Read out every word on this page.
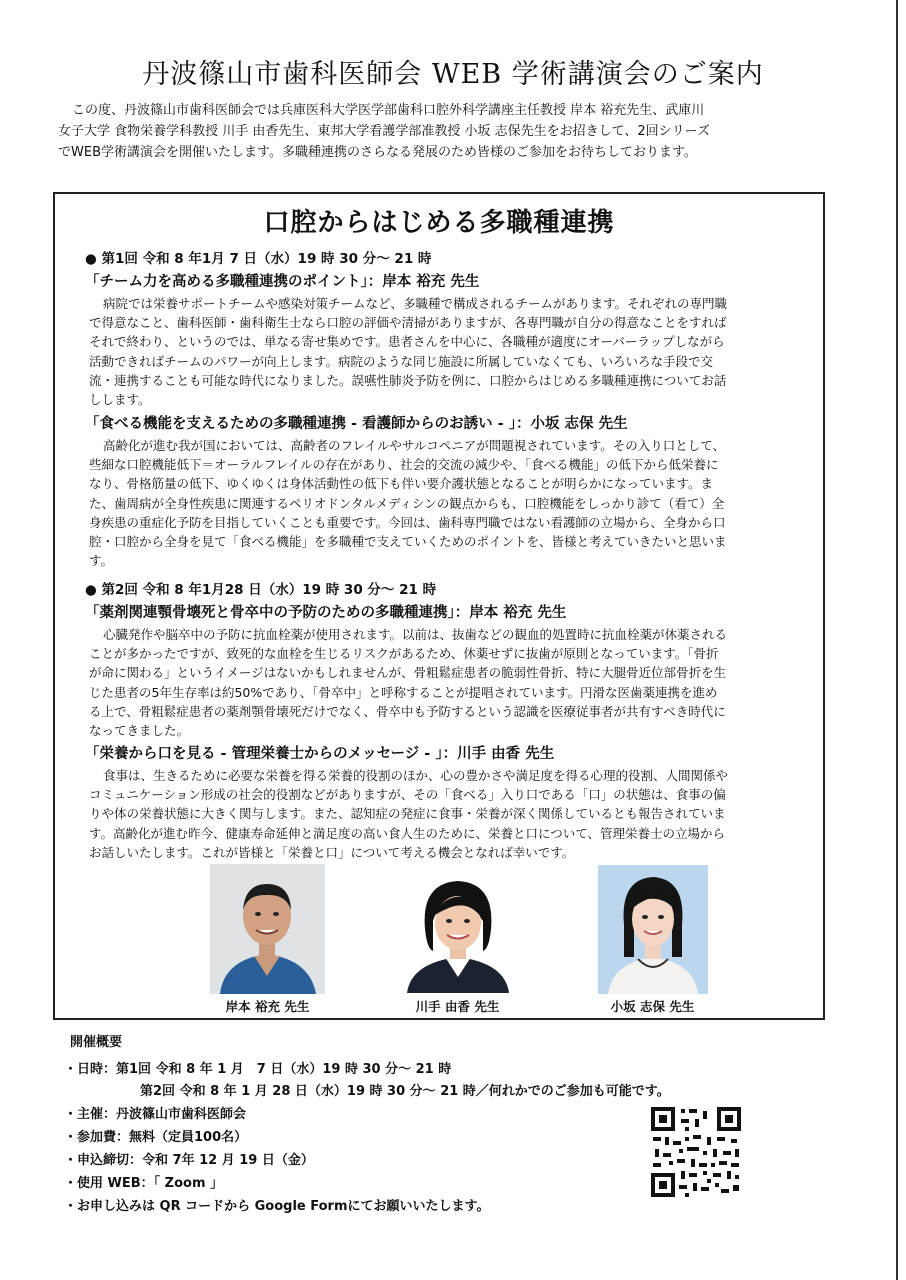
丹波篠山市歯科医師会 WEB 学術講演会のご案内
この度、丹波篠山市歯科医師会では兵庫医科大学医学部歯科口腔外科学講座主任教授 岸本 裕充先生、武庫川
女子大学 食物栄養学科教授 川手 由香先生、東邦大学看護学部准教授 小坂 志保先生をお招きして、2回シリーズ
でWEB学術講演会を開催いたします。多職種連携のさらなる発展のため皆様のご参加をお待ちしております。
口腔からはじめる多職種連携
● 第1回 令和 8 年1月 7 日（水）19 時 30 分～ 21 時
「チーム力を高める多職種連携のポイント」：岸本 裕充 先生
病院では栄養サポートチームや感染対策チームなど、多職種で構成されるチームがあります。それぞれの専門職
で得意なこと、歯科医師・歯科衛生士なら口腔の評価や清掃がありますが、各専門職が自分の得意なことをすれば
それで終わり、というのでは、単なる寄せ集めです。患者さんを中心に、各職種が適度にオーバーラップしながら
活動できればチームのパワーが向上します。病院のような同じ施設に所属していなくても、いろいろな手段で交
流・連携することも可能な時代になりました。誤嚥性肺炎予防を例に、口腔からはじめる多職種連携についてお話
しします。
「食べる機能を支えるための多職種連携 - 看護師からのお誘い - 」：小坂 志保 先生
高齢化が進む我が国においては、高齢者のフレイルやサルコペニアが問題視されています。その入り口として、
些細な口腔機能低下＝オーラルフレイルの存在があり、社会的交流の減少や、「食べる機能」の低下から低栄養に
なり、骨格筋量の低下、ゆくゆくは身体活動性の低下も伴い要介護状態となることが明らかになっています。ま
た、歯周病が全身性疾患に関連するペリオドンタルメディシンの観点からも、口腔機能をしっかり診て（看て）全
身疾患の重症化予防を目指していくことも重要です。今回は、歯科専門職ではない看護師の立場から、全身から口
腔・口腔から全身を見て「食べる機能」を多職種で支えていくためのポイントを、皆様と考えていきたいと思いま
す。
● 第2回 令和 8 年1月28 日（水）19 時 30 分～ 21 時
「薬剤関連顎骨壊死と骨卒中の予防のための多職種連携」：岸本 裕充 先生
心臓発作や脳卒中の予防に抗血栓薬が使用されます。以前は、抜歯などの観血的処置時に抗血栓薬が休薬される
ことが多かったですが、致死的な血栓を生じるリスクがあるため、休薬せずに抜歯が原則となっています。「骨折
が命に関わる」というイメージはないかもしれませんが、骨粗鬆症患者の脆弱性骨折、特に大腿骨近位部骨折を生
じた患者の5年生存率は約50%であり、「骨卒中」と呼称することが提唱されています。円滑な医歯薬連携を進め
る上で、骨粗鬆症患者の薬剤顎骨壊死だけでなく、骨卒中も予防するという認識を医療従事者が共有すべき時代に
なってきました。
「栄養から口を見る - 管理栄養士からのメッセージ - 」：川手 由香 先生
食事は、生きるために必要な栄養を得る栄養的役割のほか、心の豊かさや満足度を得る心理的役割、人間関係や
コミュニケーション形成の社会的役割などがありますが、その「食べる」入り口である「口」の状態は、食事の偏
りや体の栄養状態に大きく関与します。また、認知症の発症に食事・栄養が深く関係しているとも報告されていま
す。高齢化が進む昨今、健康寿命延伸と満足度の高い食人生のために、栄養と口について、管理栄養士の立場から
お話しいたします。これが皆様と「栄養と口」について考える機会となれば幸いです。
岸本 裕充 先生	川手 由香 先生	小坂 志保 先生
開催概要
・日時：第1回 令和 8 年 1 月　7 日（水）19 時 30 分～ 21 時
第2回 令和 8 年 1 月 28 日（水）19 時 30 分～ 21 時／何れかでのご参加も可能です。
・主催：丹波篠山市歯科医師会
・参加費：無料（定員100名）
・申込締切：令和 7年 12 月 19 日（金）
・使用 WEB：「 Zoom 」
・お申し込みは QR コードから Google Formにてお願いいたします。
